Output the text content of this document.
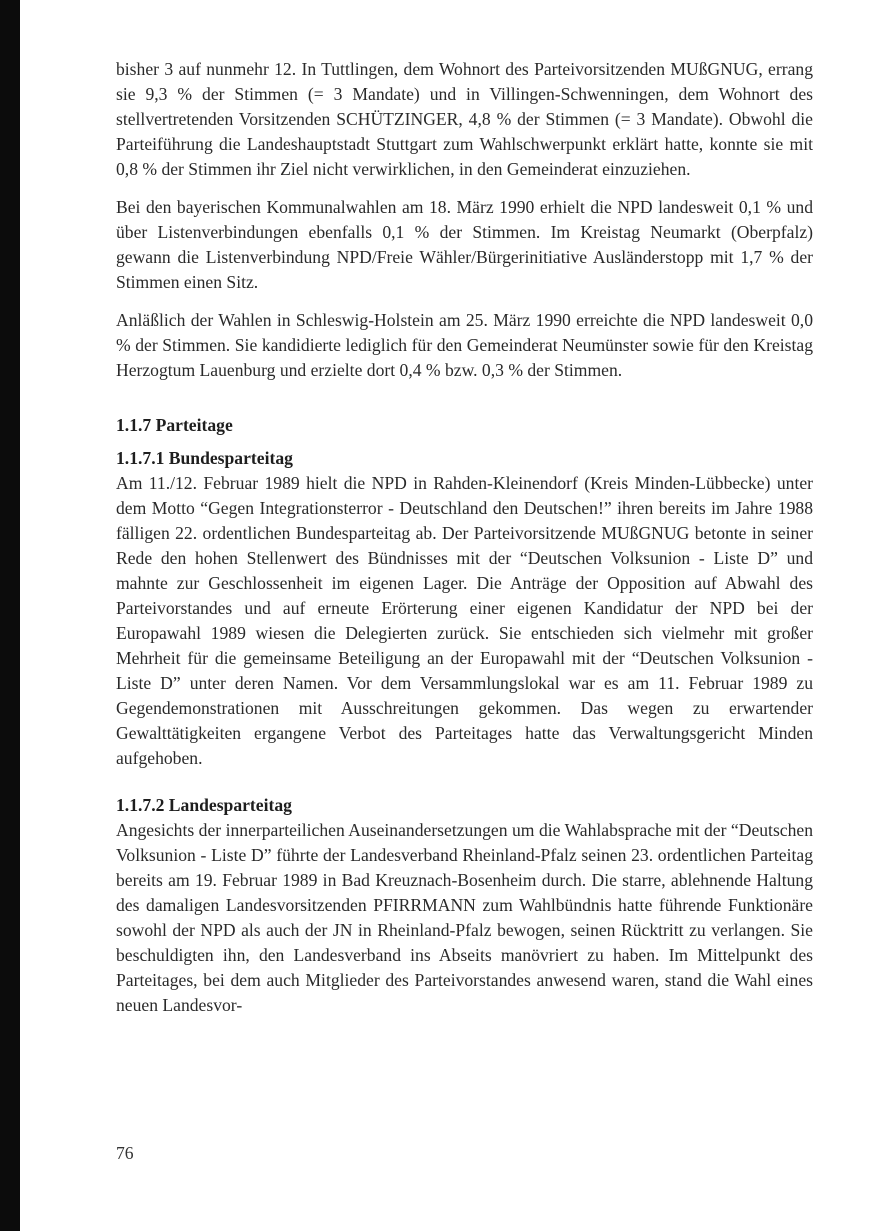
bisher 3 auf nunmehr 12. In Tuttlingen, dem Wohnort des Parteivorsitzenden MUßGNUG, errang sie 9,3 % der Stimmen (= 3 Mandate) und in Villingen-Schwenningen, dem Wohnort des stellvertretenden Vorsitzenden SCHÜTZINGER, 4,8 % der Stimmen (= 3 Mandate). Obwohl die Parteiführung die Landeshauptstadt Stuttgart zum Wahlschwerpunkt erklärt hatte, konnte sie mit 0,8 % der Stimmen ihr Ziel nicht verwirklichen, in den Gemeinderat einzuziehen.

Bei den bayerischen Kommunalwahlen am 18. März 1990 erhielt die NPD landesweit 0,1 % und über Listenverbindungen ebenfalls 0,1 % der Stimmen. Im Kreistag Neumarkt (Oberpfalz) gewann die Listenverbindung NPD/Freie Wähler/Bürgerinitiative Ausländerstopp mit 1,7 % der Stimmen einen Sitz.

Anläßlich der Wahlen in Schleswig-Holstein am 25. März 1990 erreichte die NPD landesweit 0,0 % der Stimmen. Sie kandidierte lediglich für den Gemeinderat Neumünster sowie für den Kreistag Herzogtum Lauenburg und erzielte dort 0,4 % bzw. 0,3 % der Stimmen.

1.1.7 Parteitage
1.1.7.1 Bundesparteitag

Am 11./12. Februar 1989 hielt die NPD in Rahden-Kleinendorf (Kreis Minden-Lübbecke) unter dem Motto “Gegen Integrationsterror - Deutschland den Deutschen!” ihren bereits im Jahre 1988 fälligen 22. ordentlichen Bundesparteitag ab. Der Parteivorsitzende MUßGNUG betonte in seiner Rede den hohen Stellenwert des Bündnisses mit der “Deutschen Volksunion - Liste D” und mahnte zur Geschlossenheit im eigenen Lager. Die Anträge der Opposition auf Abwahl des Parteivorstandes und auf erneute Erörterung einer eigenen Kandidatur der NPD bei der Europawahl 1989 wiesen die Delegierten zurück. Sie entschieden sich vielmehr mit großer Mehrheit für die gemeinsame Beteiligung an der Europawahl mit der “Deutschen Volksunion - Liste D” unter deren Namen. Vor dem Versammlungslokal war es am 11. Februar 1989 zu Gegendemonstrationen mit Ausschreitungen gekommen. Das wegen zu erwartender Gewalttätigkeiten ergangene Verbot des Parteitages hatte das Verwaltungsgericht Minden aufgehoben.

1.1.7.2 Landesparteitag

Angesichts der innerparteilichen Auseinandersetzungen um die Wahlabsprache mit der “Deutschen Volksunion - Liste D” führte der Landesverband Rheinland-Pfalz seinen 23. ordentlichen Parteitag bereits am 19. Februar 1989 in Bad Kreuznach-Bosenheim durch. Die starre, ablehnende Haltung des damaligen Landesvorsitzenden PFIRRMANN zum Wahlbündnis hatte führende Funktionäre sowohl der NPD als auch der JN in Rheinland-Pfalz bewogen, seinen Rücktritt zu verlangen. Sie beschuldigten ihn, den Landesverband ins Abseits manövriert zu haben. Im Mittelpunkt des Parteitages, bei dem auch Mitglieder des Parteivorstandes anwesend waren, stand die Wahl eines neuen Landesvor-

76
